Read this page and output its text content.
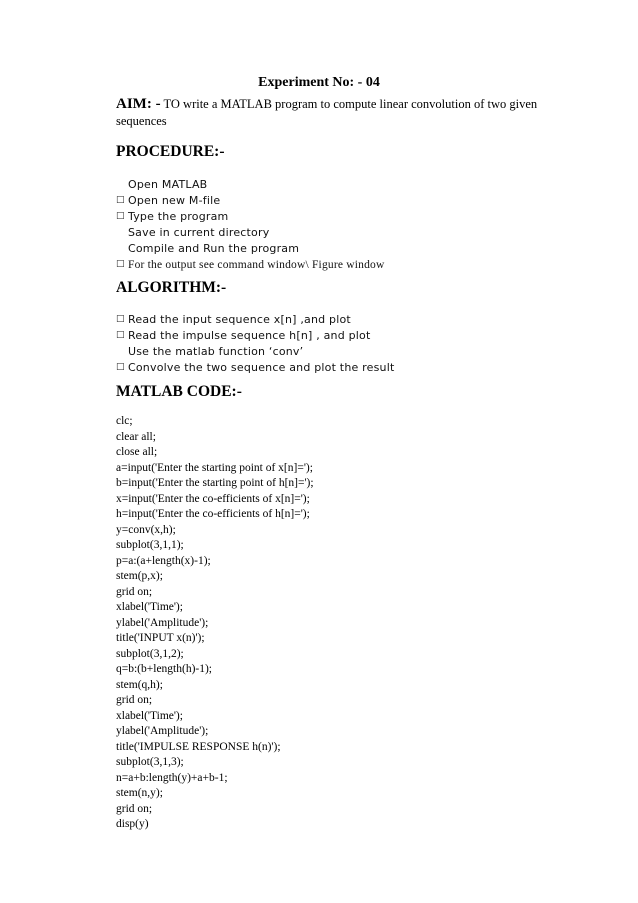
Experiment No: - 04
AIM: - TO write a MATLAB program to compute linear convolution of two given sequences
PROCEDURE:-
Open MATLAB
□ Open new M-file
□ Type the program
Save in current directory
Compile and Run the program
□ For the output see command window\ Figure window
ALGORITHM:-
□ Read the input sequence x[n] ,and plot
□ Read the impulse sequence h[n] , and plot
Use the matlab function ‘conv’
□ Convolve the two sequence and plot the result
MATLAB CODE:-
clc;
clear all;
close all;
a=input('Enter the starting point of x[n]=');
b=input('Enter the starting point of h[n]=');
x=input('Enter the co-efficients of x[n]=');
h=input('Enter the co-efficients of h[n]=');
y=conv(x,h);
subplot(3,1,1);
p=a:(a+length(x)-1);
stem(p,x);
grid on;
xlabel('Time');
ylabel('Amplitude');
title('INPUT x(n)');
subplot(3,1,2);
q=b:(b+length(h)-1);
stem(q,h);
grid on;
xlabel('Time');
ylabel('Amplitude');
title('IMPULSE RESPONSE h(n)');
subplot(3,1,3);
n=a+b:length(y)+a+b-1;
stem(n,y);
grid on;
disp(y)
